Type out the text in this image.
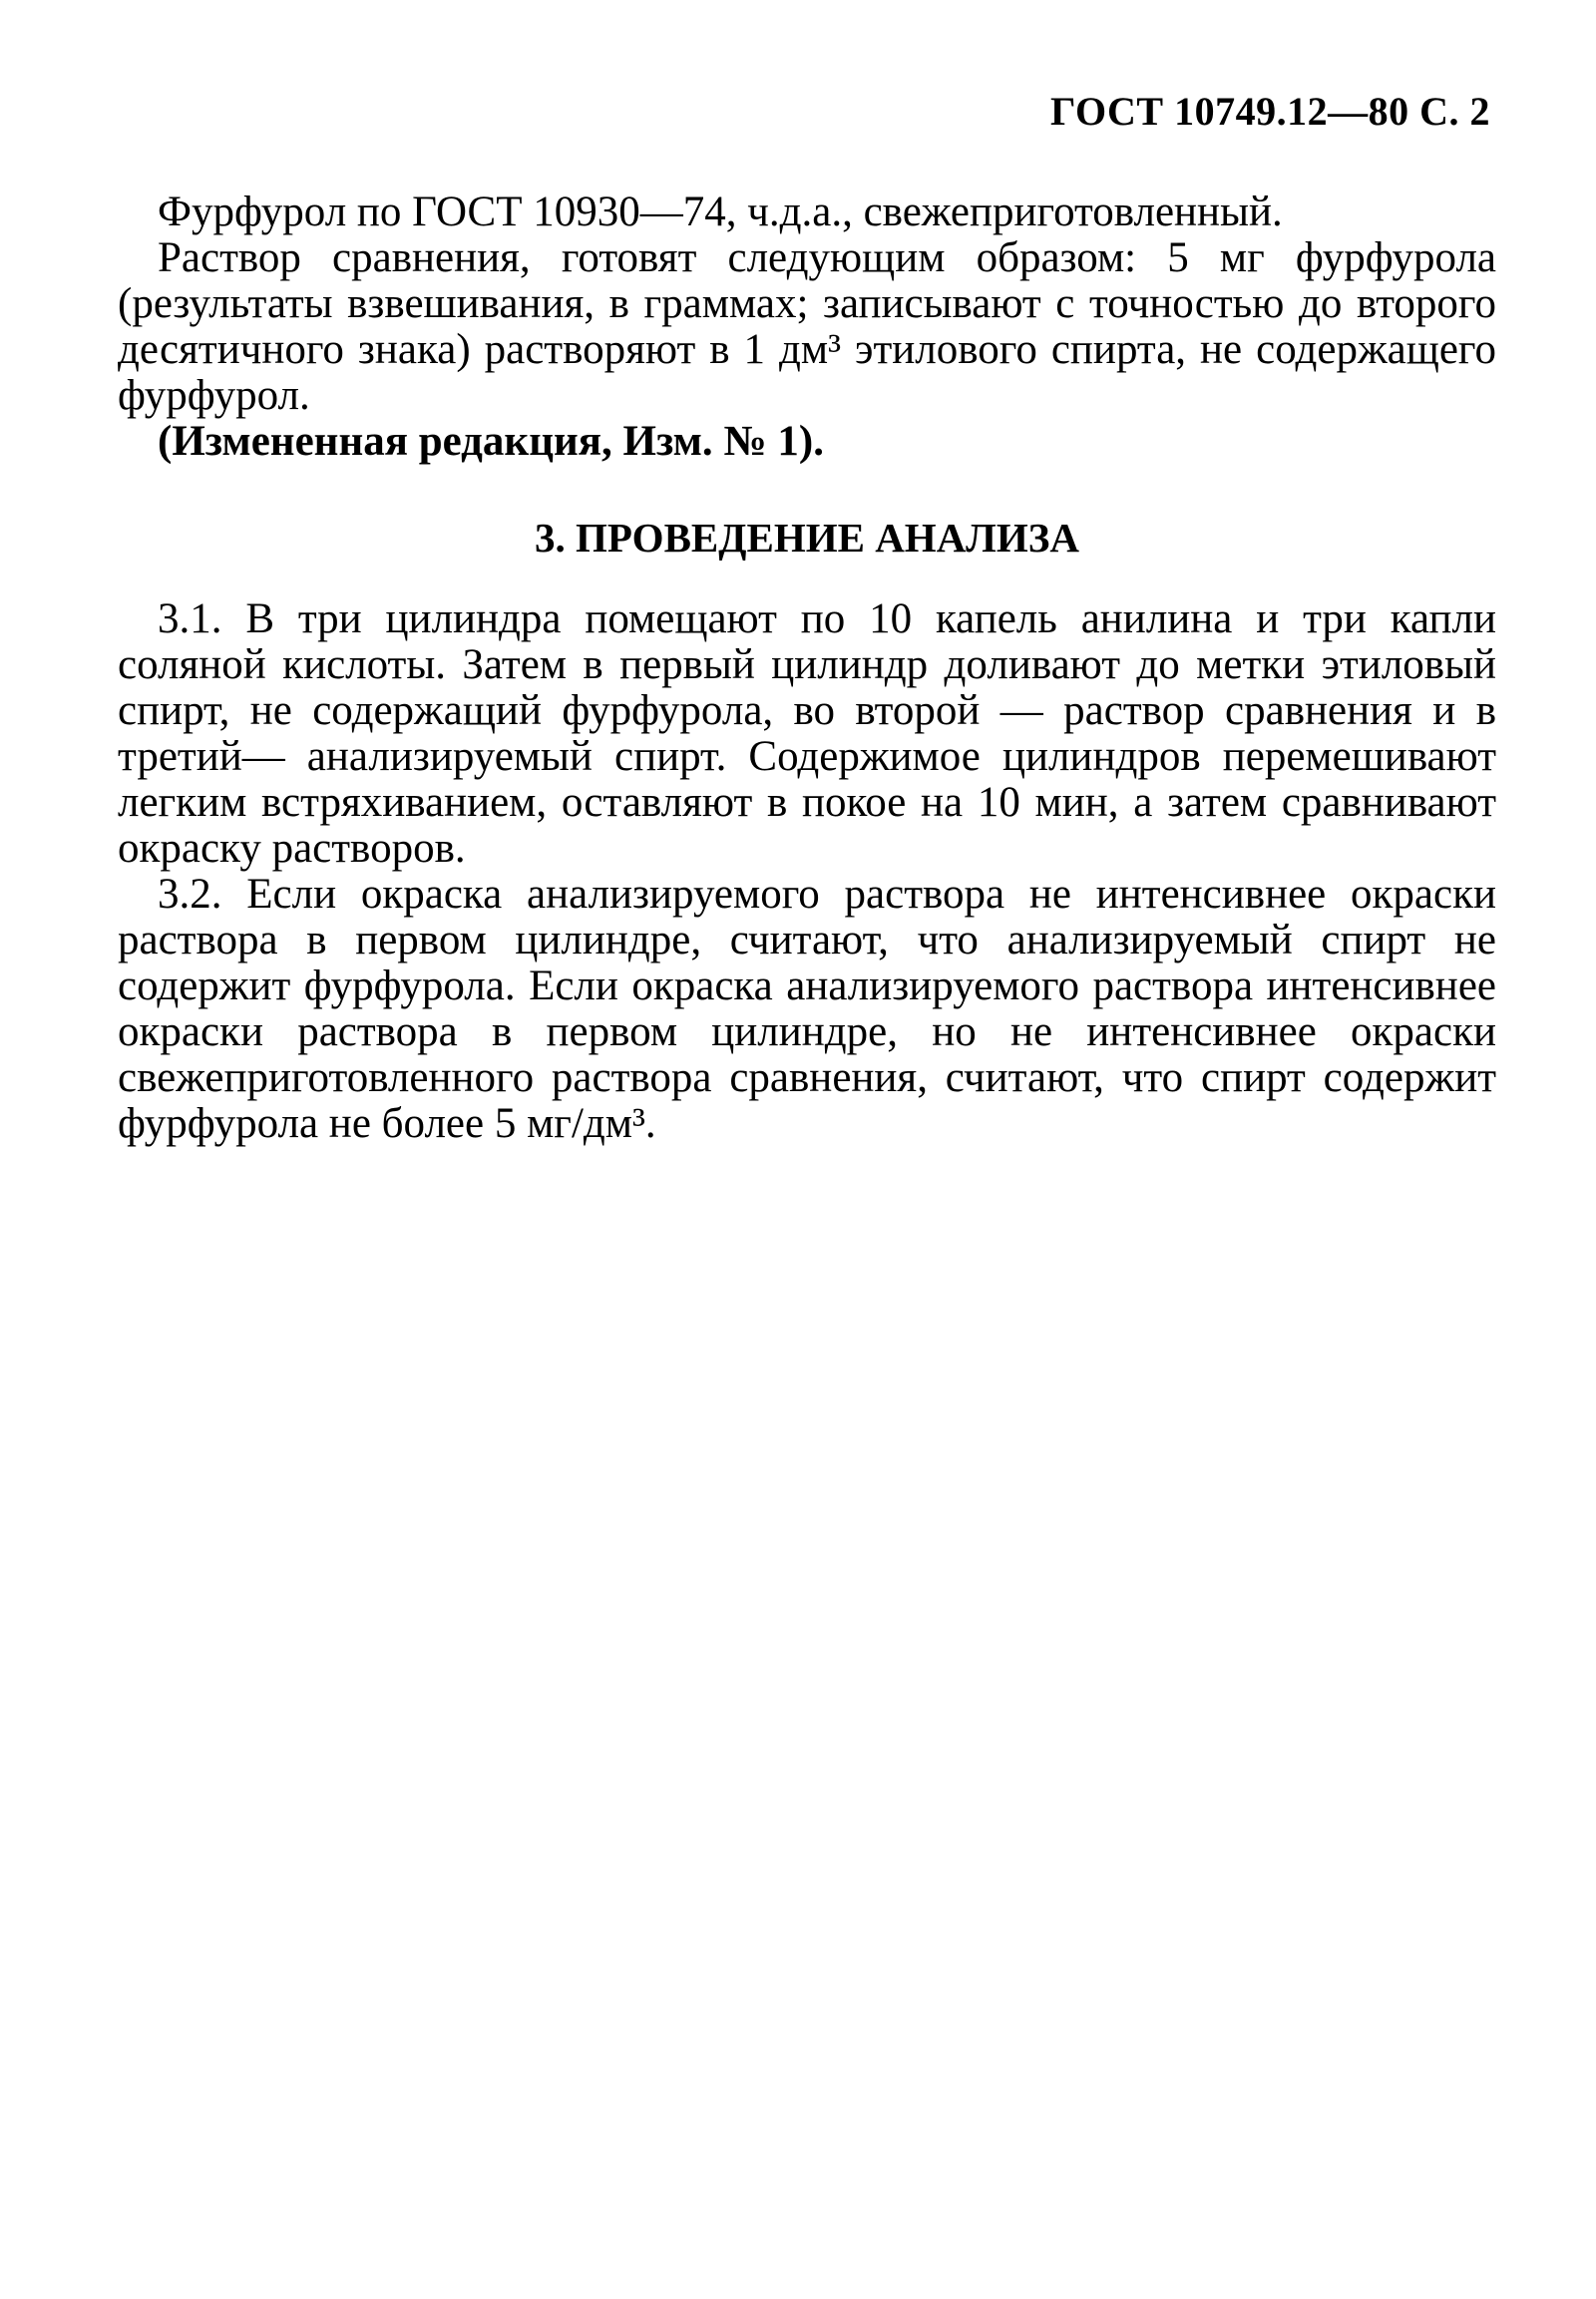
ГОСТ 10749.12—80 С. 2

Фурфурол по ГОСТ 10930—74, ч.д.а., свежеприготовленный.

Раствор сравнения, готовят следующим образом: 5 мг фурфурола (результаты взвешивания, в граммах; записывают с точностью до второго десятичного знака) растворяют в 1 дм³ этилового спирта, не содержащего фурфурол.

(Измененная редакция, Изм. № 1).

3. ПРОВЕДЕНИЕ АНАЛИЗА

3.1. В три цилиндра помещают по 10 капель анилина и три капли соляной кислоты. Затем в первый цилиндр доливают до метки этиловый спирт, не содержащий фурфурола, во второй — раствор сравнения и в третий— анализируемый спирт. Содержимое цилиндров перемешивают легким встряхиванием, оставляют в покое на 10 мин, а затем сравнивают окраску растворов.

3.2. Если окраска анализируемого раствора не интенсивнее окраски раствора в первом цилиндре, считают, что анализируемый спирт не содержит фурфурола. Если окраска анализируемого раствора интенсивнее окраски раствора в первом цилиндре, но не интенсивнее окраски свежеприготовленного раствора сравнения, считают, что спирт содержит фурфурола не более 5 мг/дм³.
